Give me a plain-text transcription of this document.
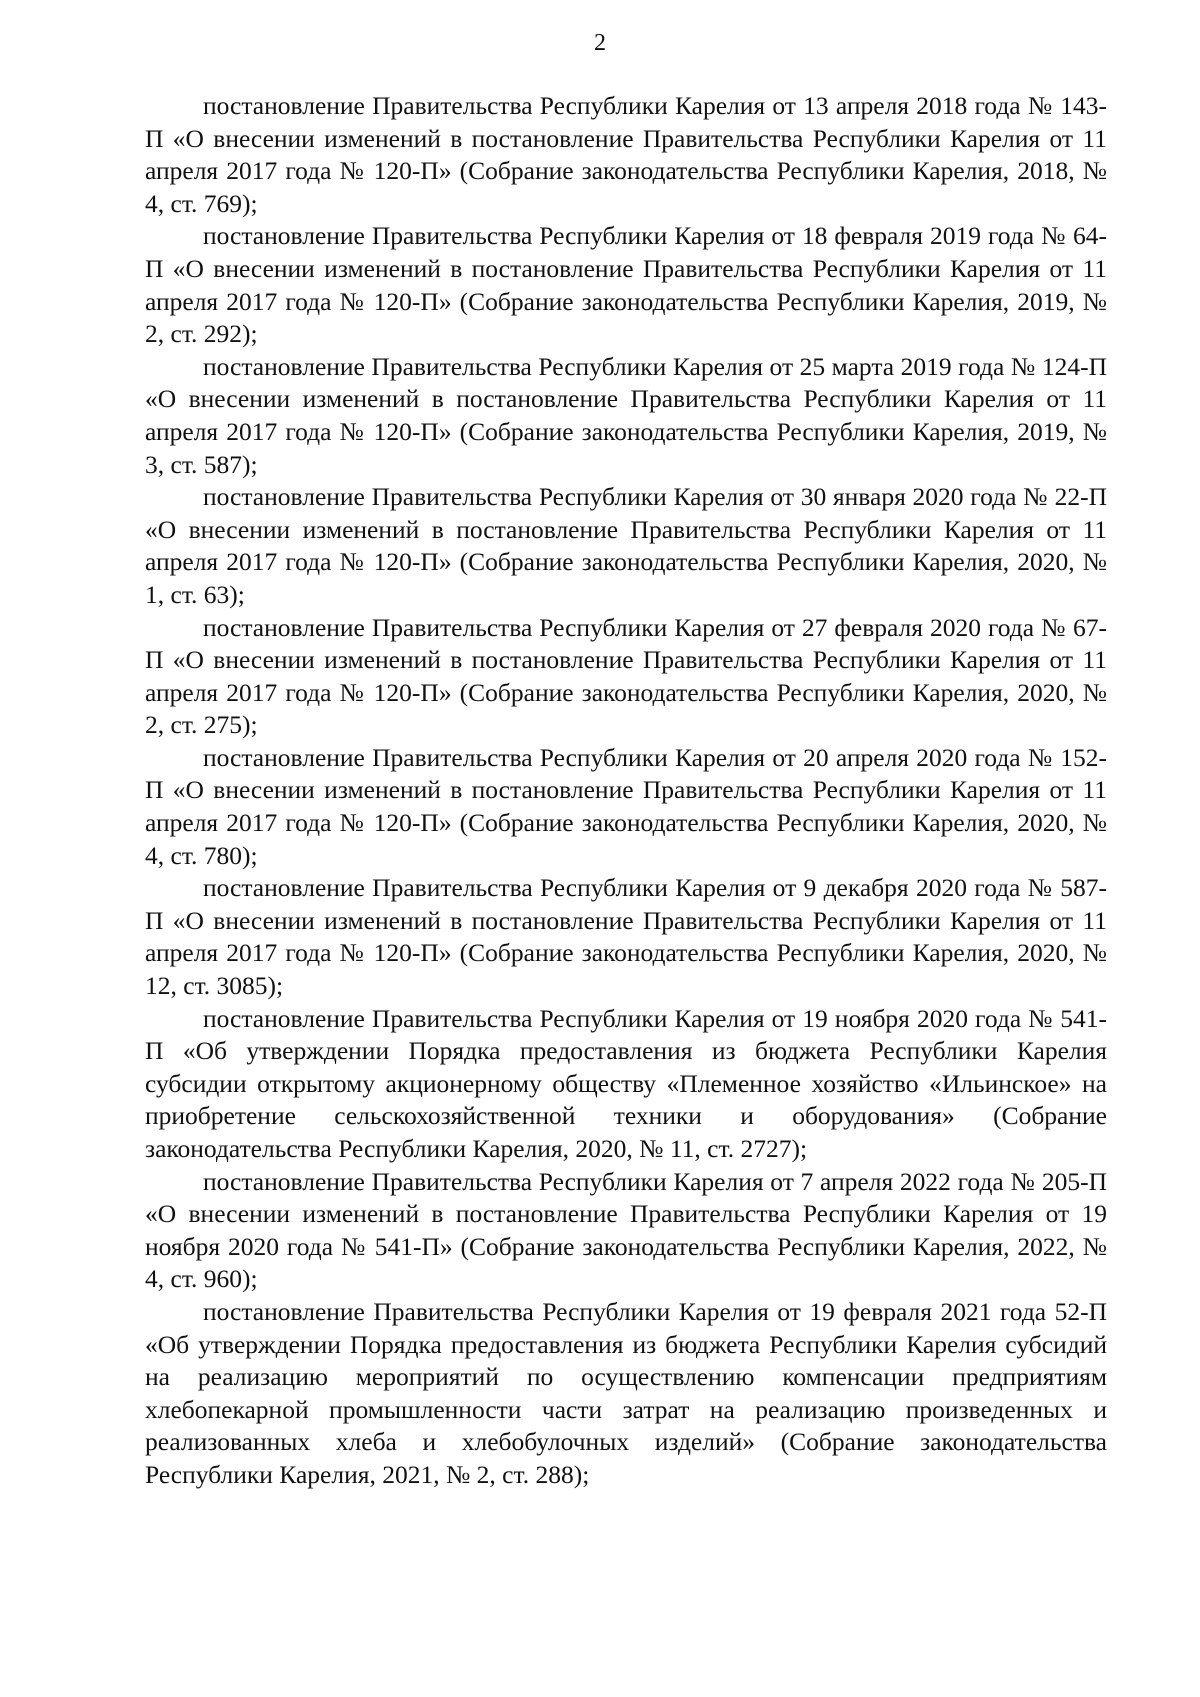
2

постановление Правительства Республики Карелия от 13 апреля 2018 года № 143-П «О внесении изменений в постановление Правительства Республики Карелия от 11 апреля 2017 года № 120-П» (Собрание законодательства Республики Карелия, 2018, № 4, ст. 769);

постановление Правительства Республики Карелия от 18 февраля 2019 года № 64-П «О внесении изменений в постановление Правительства Республики Карелия от 11 апреля 2017 года № 120-П» (Собрание законодательства Республики Карелия, 2019, № 2, ст. 292);

постановление Правительства Республики Карелия от 25 марта 2019 года № 124-П «О внесении изменений в постановление Правительства Республики Карелия от 11 апреля 2017 года № 120-П» (Собрание законодательства Республики Карелия, 2019, № 3, ст. 587);

постановление Правительства Республики Карелия от 30 января 2020 года № 22-П «О внесении изменений в постановление Правительства Республики Карелия от 11 апреля 2017 года № 120-П» (Собрание законодательства Республики Карелия, 2020, № 1, ст. 63);

постановление Правительства Республики Карелия от 27 февраля 2020 года № 67-П «О внесении изменений в постановление Правительства Республики Карелия от 11 апреля 2017 года № 120-П» (Собрание законодательства Республики Карелия, 2020, № 2, ст. 275);

постановление Правительства Республики Карелия от 20 апреля 2020 года № 152-П «О внесении изменений в постановление Правительства Республики Карелия от 11 апреля 2017 года № 120-П» (Собрание законодательства Республики Карелия, 2020, № 4, ст. 780);

постановление Правительства Республики Карелия от 9 декабря 2020 года № 587-П «О внесении изменений в постановление Правительства Республики Карелия от 11 апреля 2017 года № 120-П» (Собрание законодательства Республики Карелия, 2020, № 12, ст. 3085);

постановление Правительства Республики Карелия от 19 ноября 2020 года № 541-П «Об утверждении Порядка предоставления из бюджета Республики Карелия субсидии открытому акционерному обществу «Племенное хозяйство «Ильинское» на приобретение сельскохозяйственной техники и оборудования» (Собрание законодательства Республики Карелия, 2020, № 11, ст. 2727);

постановление Правительства Республики Карелия от 7 апреля 2022 года № 205-П «О внесении изменений в постановление Правительства Республики Карелия от 19 ноября 2020 года № 541-П» (Собрание законодательства Республики Карелия, 2022, № 4, ст. 960);

постановление Правительства Республики Карелия от 19 февраля 2021 года 52-П «Об утверждении Порядка предоставления из бюджета Республики Карелия субсидий на реализацию мероприятий по осуществлению компенсации предприятиям хлебопекарной промышленности части затрат на реализацию произведенных и реализованных хлеба и хлебобулочных изделий» (Собрание законодательства Республики Карелия, 2021, № 2, ст. 288);
